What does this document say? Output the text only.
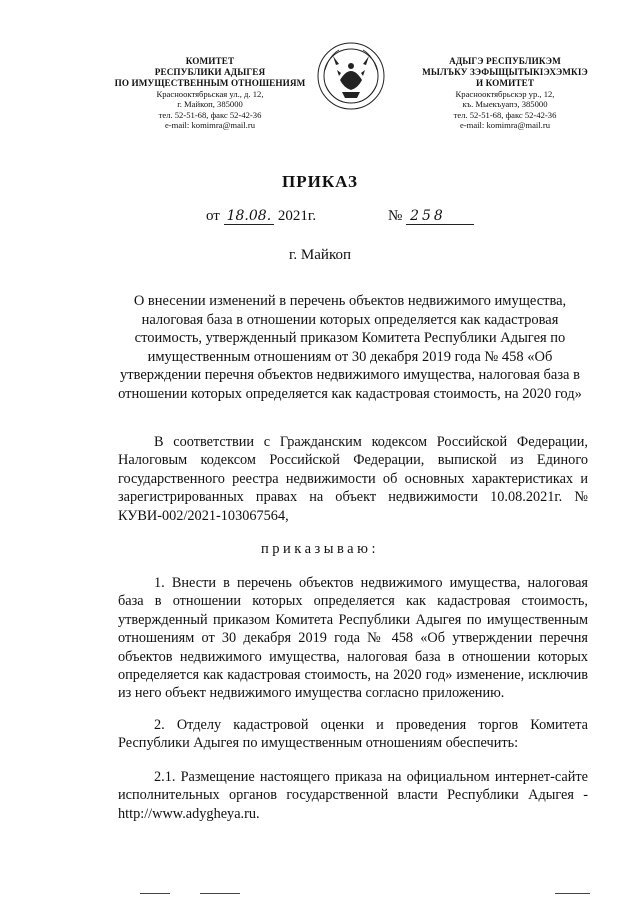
КОМИТЕТ
РЕСПУБЛИКИ АДЫГЕЯ
ПО ИМУЩЕСТВЕННЫМ ОТНОШЕНИЯМ
Краснооктябрьская ул., д. 12,
г. Майкоп, 385000
тел. 52-51-68, факс 52-42-36
e-mail: komimra@mail.ru
АДЫГЭ РЕСПУБЛИКЭМ
МЫЛЪКУ ЗЭФЫЩЫТЫКIЭХЭМКIЭ
И КОМИТЕТ
Краснооктябрьскэр ур., 12,
къ. Мыекъуапэ, 385000
тел. 52-51-68, факс 52-42-36
e-mail: komimra@mail.ru
ПРИКАЗ
от 18.08. 2021г.	№ 258
г. Майкоп
О внесении изменений в перечень объектов недвижимого имущества, налоговая база в отношении которых определяется как кадастровая стоимость, утвержденный приказом Комитета Республики Адыгея по имущественным отношениям от 30 декабря 2019 года № 458 «Об утверждении перечня объектов недвижимого имущества, налоговая база в отношении которых определяется как кадастровая стоимость, на 2020 год»
В соответствии с Гражданским кодексом Российской Федерации, Налоговым кодексом Российской Федерации, выпиской из Единого государственного реестра недвижимости об основных характеристиках и зарегистрированных правах на объект недвижимости 10.08.2021г. № КУВИ-002/2021-103067564,
приказываю:
1. Внести в перечень объектов недвижимого имущества, налоговая база в отношении которых определяется как кадастровая стоимость, утвержденный приказом Комитета Республики Адыгея по имущественным отношениям от 30 декабря 2019 года № 458 «Об утверждении перечня объектов недвижимого имущества, налоговая база в отношении которых определяется как кадастровая стоимость, на 2020 год» изменение, исключив из него объект недвижимого имущества согласно приложению.
2. Отделу кадастровой оценки и проведения торгов Комитета Республики Адыгея по имущественным отношениям обеспечить:
2.1. Размещение настоящего приказа на официальном интернет-сайте исполнительных органов государственной власти Республики Адыгея - http://www.adygheya.ru.
